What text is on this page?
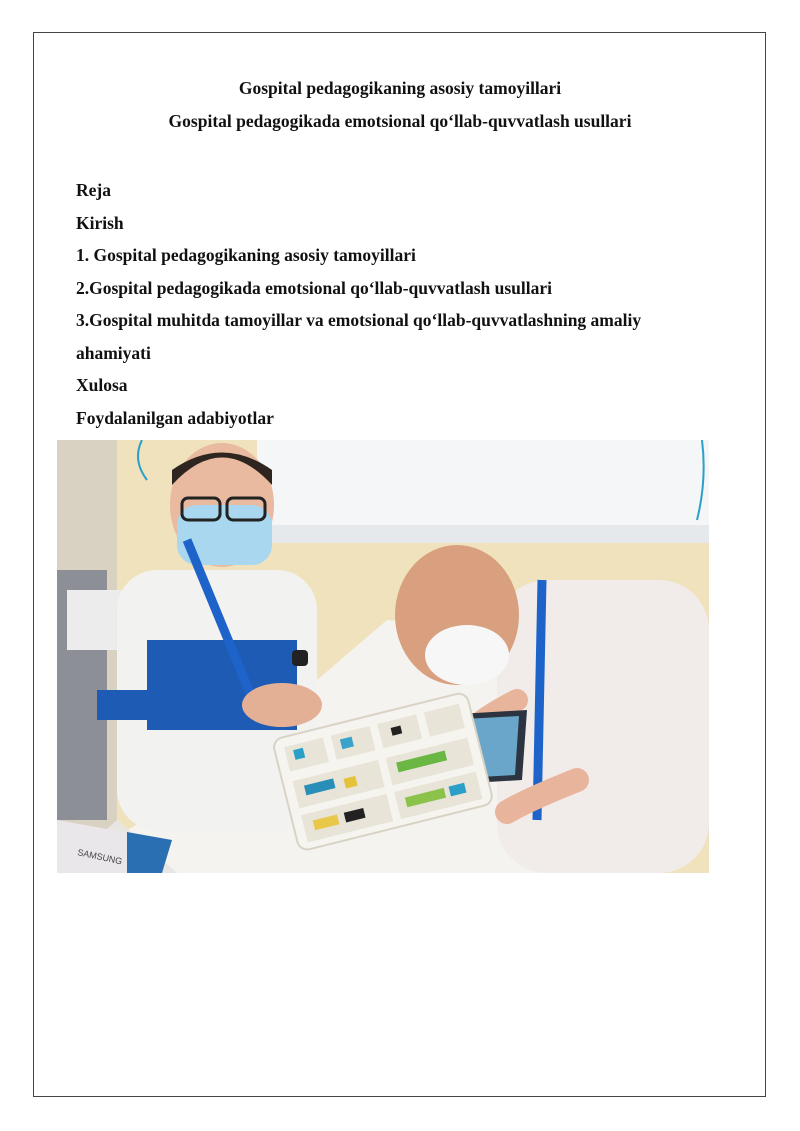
Gospital pedagogikaning asosiy tamoyillari
Gospital pedagogikada emotsional qo‘llab-quvvatlash usullari
Reja
Kirish
1. Gospital pedagogikaning asosiy tamoyillari
2.Gospital pedagogikada emotsional qo‘llab-quvvatlash usullari
3.Gospital muhitda tamoyillar va emotsional qo‘llab-quvvatlashning amaliy
ahamiyati
Xulosa
Foydalanilgan adabiyotlar
SAMSUNG
